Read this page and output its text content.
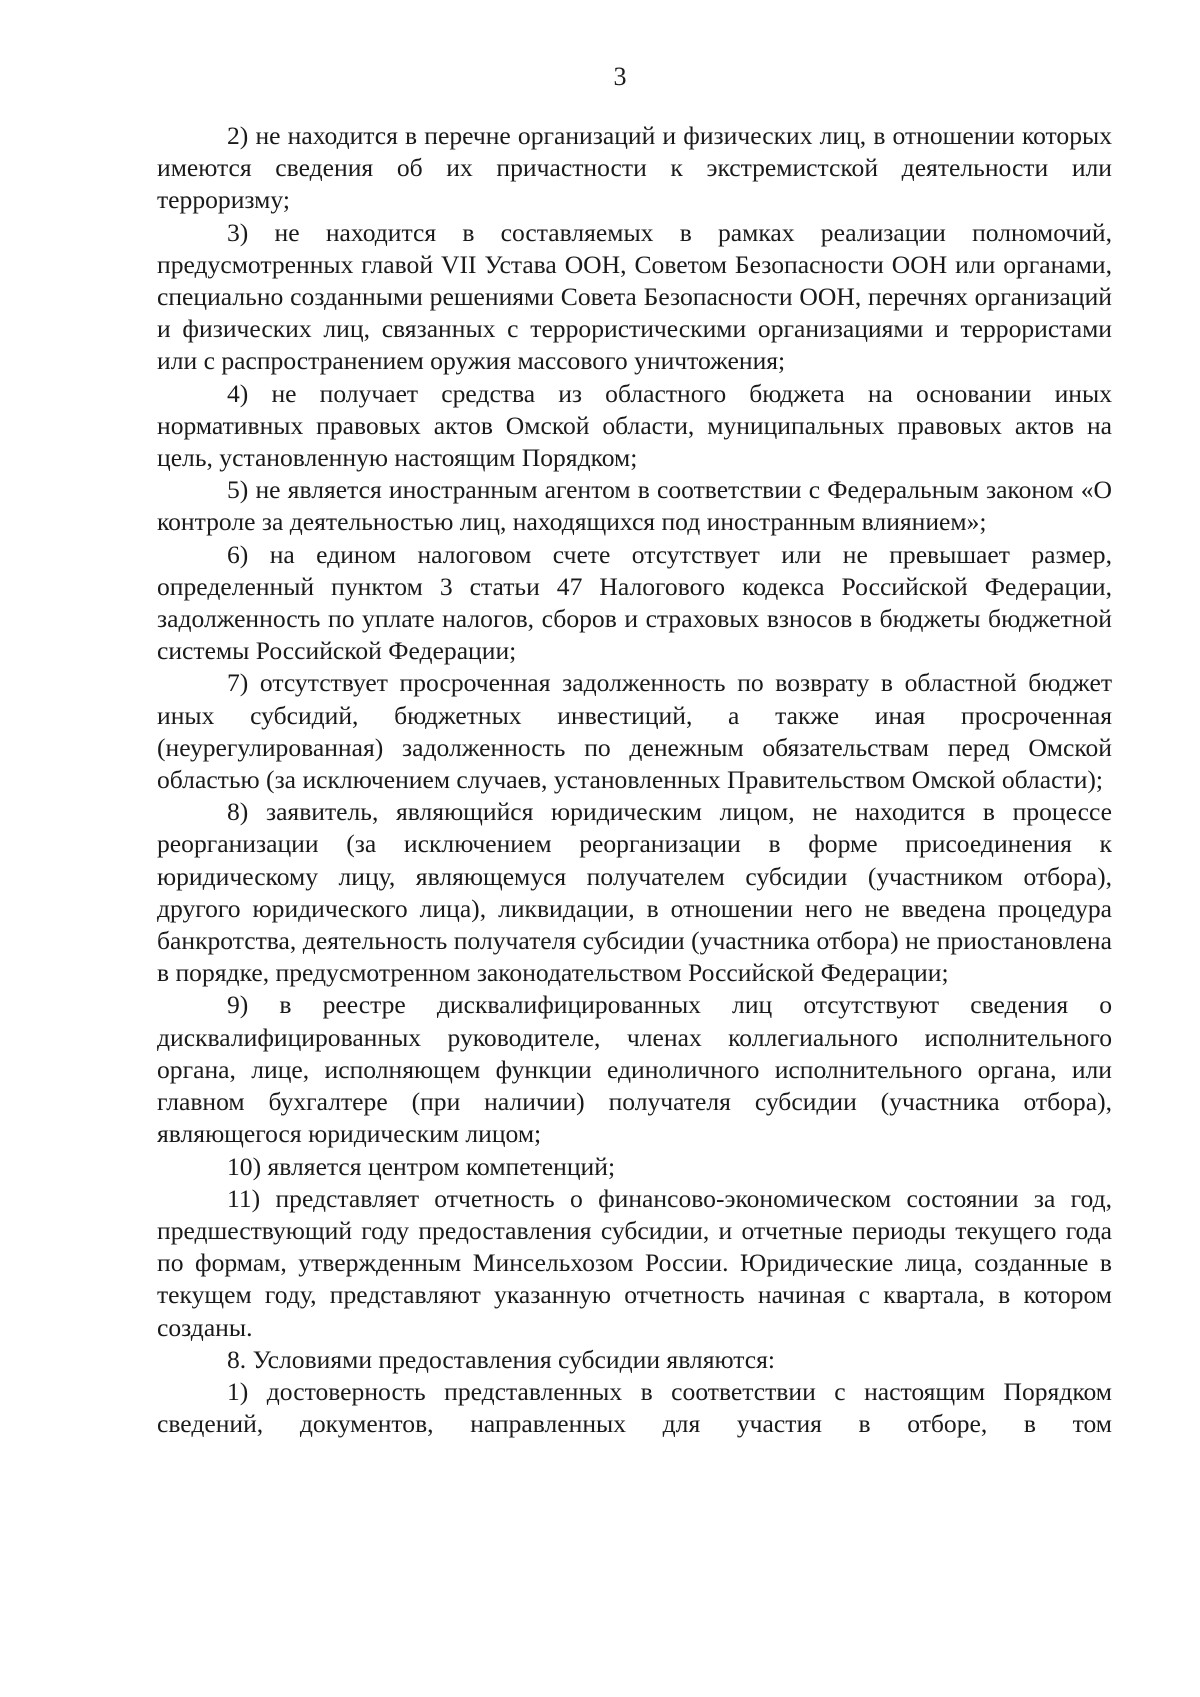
3

2) не находится в перечне организаций и физических лиц, в отношении которых имеются сведения об их причастности к экстремистской деятельности или терроризму;

3) не находится в составляемых в рамках реализации полномочий, предусмотренных главой VII Устава ООН, Советом Безопасности ООН или органами, специально созданными решениями Совета Безопасности ООН, перечнях организаций и физических лиц, связанных с террористическими организациями и террористами или с распространением оружия массового уничтожения;

4) не получает средства из областного бюджета на основании иных нормативных правовых актов Омской области, муниципальных правовых актов на цель, установленную настоящим Порядком;

5) не является иностранным агентом в соответствии с Федеральным законом «О контроле за деятельностью лиц, находящихся под иностранным влиянием»;

6) на едином налоговом счете отсутствует или не превышает размер, определенный пунктом 3 статьи 47 Налогового кодекса Российской Федерации, задолженность по уплате налогов, сборов и страховых взносов в бюджеты бюджетной системы Российской Федерации;

7) отсутствует просроченная задолженность по возврату в областной бюджет иных субсидий, бюджетных инвестиций, а также иная просроченная (неурегулированная) задолженность по денежным обязательствам перед Омской областью (за исключением случаев, установленных Правительством Омской области);

8) заявитель, являющийся юридическим лицом, не находится в процессе реорганизации (за исключением реорганизации в форме присоединения к юридическому лицу, являющемуся получателем субсидии (участником отбора), другого юридического лица), ликвидации, в отношении него не введена процедура банкротства, деятельность получателя субсидии (участника отбора) не приостановлена в порядке, предусмотренном законодательством Российской Федерации;

9) в реестре дисквалифицированных лиц отсутствуют сведения о дисквалифицированных руководителе, членах коллегиального исполнительного органа, лице, исполняющем функции единоличного исполнительного органа, или главном бухгалтере (при наличии) получателя субсидии (участника отбора), являющегося юридическим лицом;

10) является центром компетенций;

11) представляет отчетность о финансово-экономическом состоянии за год, предшествующий году предоставления субсидии, и отчетные периоды текущего года по формам, утвержденным Минсельхозом России. Юридические лица, созданные в текущем году, представляют указанную отчетность начиная с квартала, в котором созданы.

8. Условиями предоставления субсидии являются:

1) достоверность представленных в соответствии с настоящим Порядком сведений, документов, направленных для участия в отборе, в том
